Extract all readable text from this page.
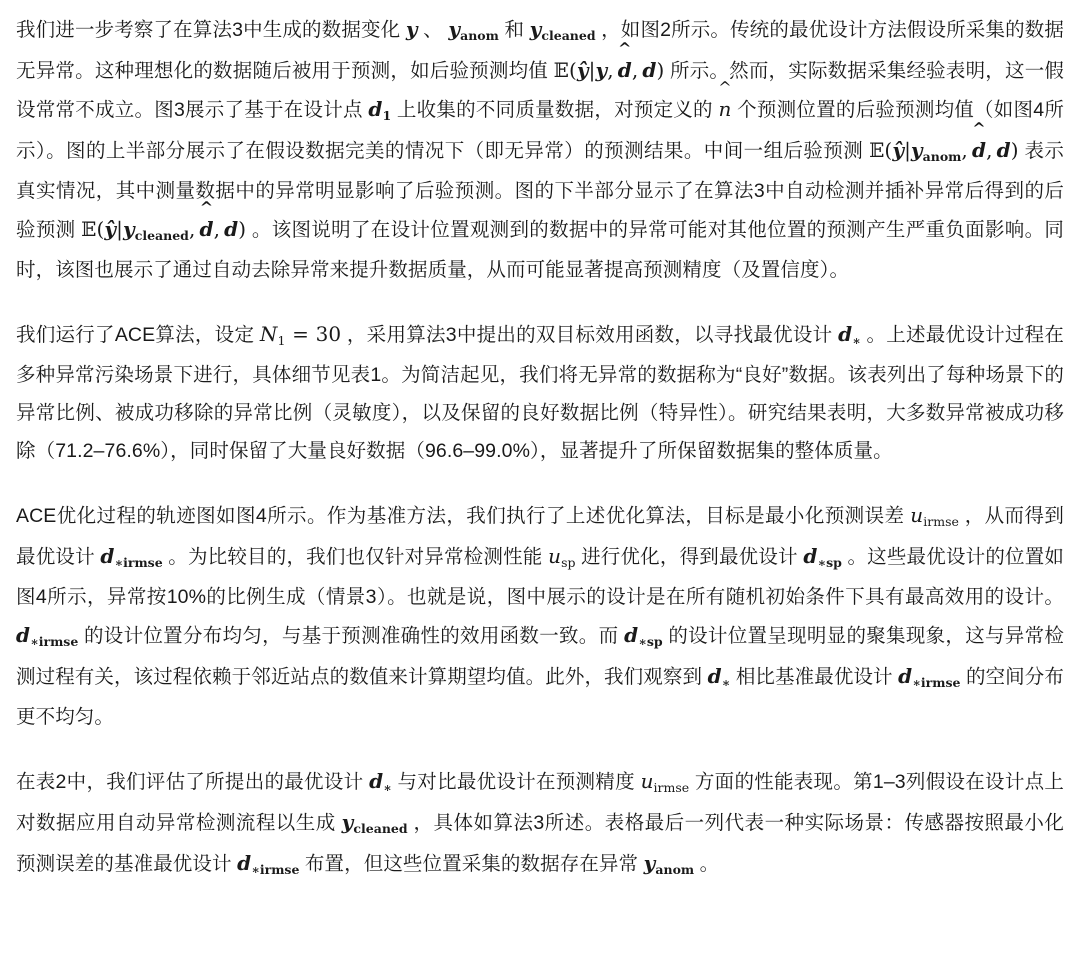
我们进一步考察了在算法3中生成的数据变化 y 、 $y_{anom}$ 和 $y_{cleaned}$ ，如图2所示。传统的最优设计方法假设所采集的数据无异常。这种理想化的数据随后被用于预测，如后验预测均值 𝔼(ŷ|y, d
^
, d) 所示。然而，实际数据采集经验表明，这一假设常常不成立。图3展示了基于在设计点 $d_1$ 上收集的不同质量数据，对预定义的 n
^
个预测位置的后验预测均值（如图4所示）。图的上半部分展示了在假设数据完美的情况下（即无异常）的预测结果。中间一组后验预测 $𝔼(ŷ|y_{anom}$, d
^
, d) 表示真实情况，其中测量数据中的异常明显影响了后验预测。图的下半部分显示了在算法3中自动检测并插补异常后得到的后验预测 $𝔼(ŷ|y_{cleaned}$, d
^
, d) 。该图说明了在设计位置观测到的数据中的异常可能对其他位置的预测产生严重负面影响。同时，该图也展示了通过自动去除异常来提升数据质量，从而可能显著提高预测精度（及置信度）。

我们运行了ACE算法，设定 $N_1 = 30$ ，采用算法3中提出的双目标效用函数，以寻找最优设计 $d_∗$ 。上述最优设计过程在多种异常污染场景下进行，具体细节见表1。为简洁起见，我们将无异常的数据称为“良好”数据。该表列出了每种场景下的异常比例、被成功移除的异常比例（灵敏度），以及保留的良好数据比例（特异性）。研究结果表明，大多数异常被成功移除（71.2–76.6%），同时保留了大量良好数据（96.6–99.0%），显著提升了所保留数据集的整体质量。

ACE优化过程的轨迹图如图4所示。作为基准方法，我们执行了上述优化算法，目标是最小化预测误差 $u_{irmse}$ ，从而得到最优设计 $d_{∗irmse}$ 。为比较目的，我们也仅针对异常检测性能 $u_{sp}$ 进行优化，得到最优设计 $d_{∗sp}$ 。这些最优设计的位置如图4所示，异常按10%的比例生成（情景3）。也就是说，图中展示的设计是在所有随机初始条件下具有最高效用的设计。$d_{∗irmse}$ 的设计位置分布均匀，与基于预测准确性的效用函数一致。而 $d_{∗sp}$ 的设计位置呈现明显的聚集现象，这与异常检测过程有关，该过程依赖于邻近站点的数值来计算期望均值。此外，我们观察到 $d_∗$ 相比基准最优设计 $d_{∗irmse}$ 的空间分布更不均匀。

在表2中，我们评估了所提出的最优设计 $d_∗$ 与对比最优设计在预测精度 $u_{irmse}$ 方面的性能表现。第1–3列假设在设计点上对数据应用自动异常检测流程以生成 $y_{cleaned}$ ，具体如算法3所述。表格最后一列代表一种实际场景：传感器按照最小化预测误差的基准最优设计 $d_{∗irmse}$ 布置，但这些位置采集的数据存在异常 $y_{anom}$ 。
